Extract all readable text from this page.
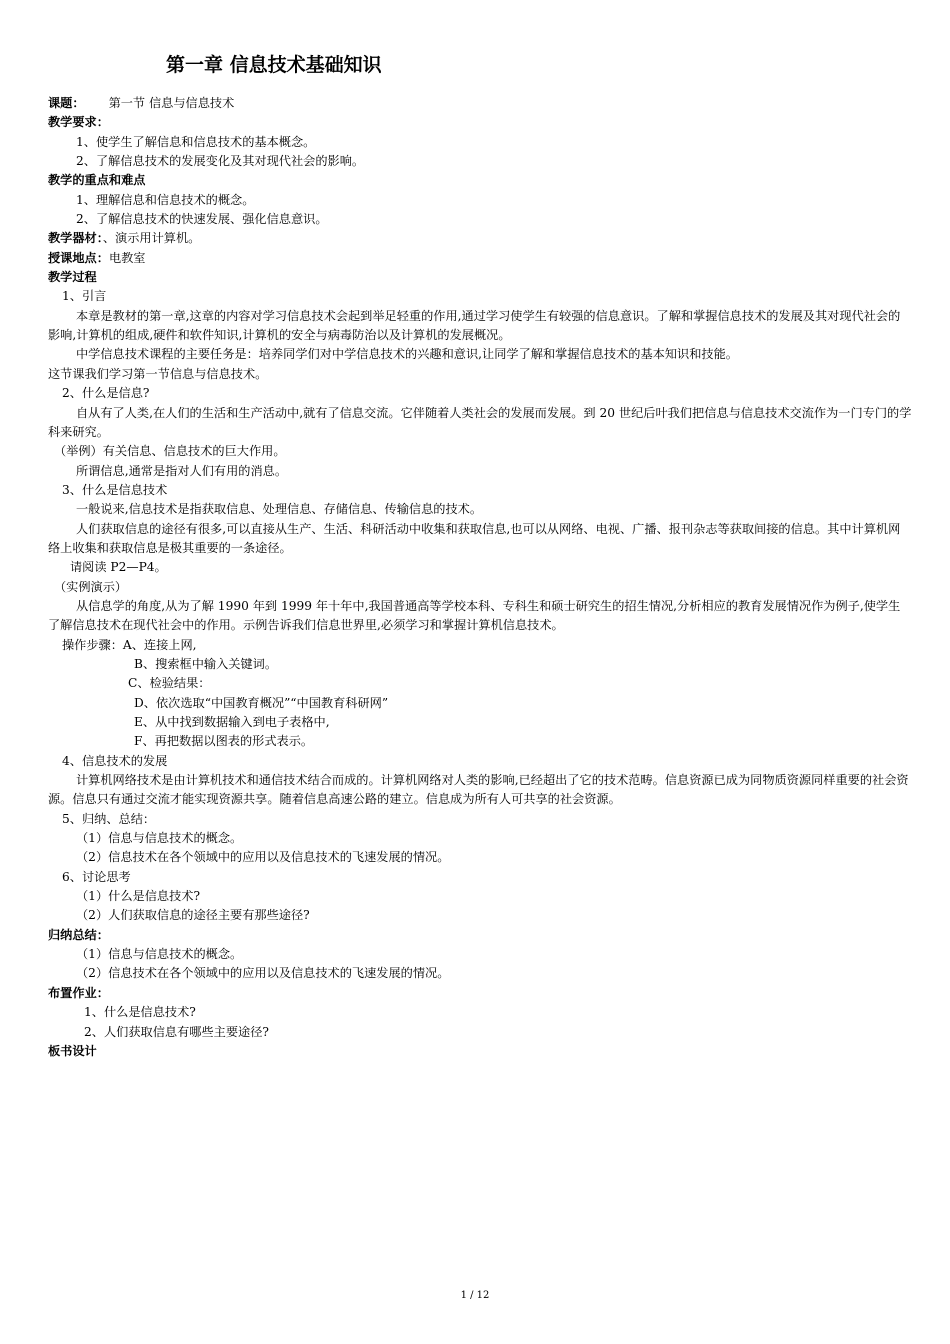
第一章 信息技术基础知识
课题： 第一节 信息与信息技术
教学要求：
1、使学生了解信息和信息技术的基本概念。
2、了解信息技术的发展变化及其对现代社会的影响。
教学的重点和难点
1、理解信息和信息技术的概念。
2、了解信息技术的快速发展、强化信息意识。
教学器材：、演示用计算机。
授课地点：电教室
教学过程
1、引言
本章是教材的第一章,这章的内容对学习信息技术会起到举足轻重的作用,通过学习使学生有较强的信息意识。了解和掌握信息技术的发展及其对现代社会的影响,计算机的组成,硬件和软件知识,计算机的安全与病毒防治以及计算机的发展概况。
中学信息技术课程的主要任务是：培养同学们对中学信息技术的兴趣和意识,让同学了解和掌握信息技术的基本知识和技能。
这节课我们学习第一节信息与信息技术。
2、什么是信息?
自从有了人类,在人们的生活和生产活动中,就有了信息交流。它伴随着人类社会的发展而发展。到 20 世纪后叶我们把信息与信息技术交流作为一门专门的学科来研究。
（举例）有关信息、信息技术的巨大作用。
所谓信息,通常是指对人们有用的消息。
3、什么是信息技术
一般说来,信息技术是指获取信息、处理信息、存储信息、传输信息的技术。
人们获取信息的途径有很多,可以直接从生产、生活、科研活动中收集和获取信息,也可以从网络、电视、广播、报刊杂志等获取间接的信息。其中计算机网络上收集和获取信息是极其重要的一条途径。
请阅读 P2—P4。
（实例演示）
从信息学的角度,从为了解 1990 年到 1999 年十年中,我国普通高等学校本科、专科生和硕士研究生的招生情况,分析相应的教育发展情况作为例子,使学生了解信息技术在现代社会中的作用。示例告诉我们信息世界里,必须学习和掌握计算机信息技术。
操作步骤：A、连接上网,
B、搜索框中输入关键词。
C、检验结果：
D、依次选取“中国教育概况”“中国教育科研网”
E、从中找到数据输入到电子表格中,
F、再把数据以图表的形式表示。
4、信息技术的发展
计算机网络技术是由计算机技术和通信技术结合而成的。计算机网络对人类的影响,已经超出了它的技术范畴。信息资源已成为同物质资源同样重要的社会资源。信息只有通过交流才能实现资源共享。随着信息高速公路的建立。信息成为所有人可共享的社会资源。
5、归纳、总结：
（1）信息与信息技术的概念。
（2）信息技术在各个领域中的应用以及信息技术的飞速发展的情况。
6、讨论思考
（1）什么是信息技术?
（2）人们获取信息的途径主要有那些途径?
归纳总结：
（1）信息与信息技术的概念。
（2）信息技术在各个领域中的应用以及信息技术的飞速发展的情况。
布置作业：
1、什么是信息技术?
2、人们获取信息有哪些主要途径?
板书设计
1 / 12
